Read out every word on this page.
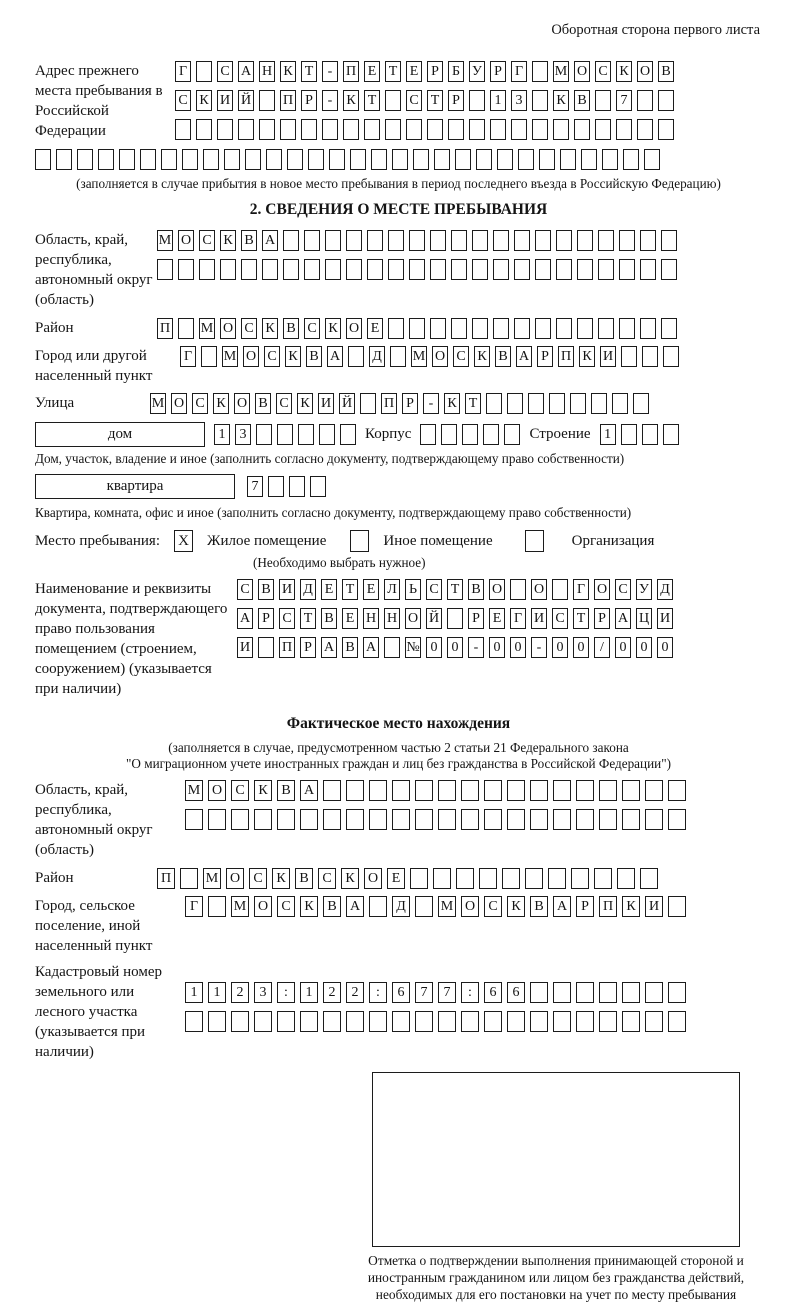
Оборотная сторона первого листа
Адрес прежнего места пребывания в Российской Федерации
Г С А Н К Т	- П Е Т Е Р Б У Р Г М О С К О В
С К И Й П Р	-	К Т С Т Р	1	3	К В	7
(заполняется в случае прибытия в новое место пребывания в период последнего въезда в Российскую Федерацию)
2. СВЕДЕНИЯ О МЕСТЕ ПРЕБЫВАНИЯ
Область, край, республика, автономный округ (область)
М О С К В А
Район	П М О С К В С К О Е
Город или другой населенный пункт
Г М О С К В А Д М О С К В А Р П К И
Улица	М О С К О В С К И Й П Р	-	К Т
дом	1	3	Корпус	Строение 1
Дом, участок, владение и иное (заполнить согласно документу, подтверждающему право собственности)
квартира	7
Квартира, комната, офис и иное (заполнить согласно документу, подтверждающему право собственности)
Место пребывания: X Жилое помещение	Иное помещение	Организация
(Необходимо выбрать нужное)
Наименование и реквизиты документа, подтверждающего право пользования помещением (строением, сооружением) (указывается при наличии)
С В И Д Е Т Е Л Ь С Т В О О Г О С У Д
А Р С Т В Е Н Н О Й Р Е Г И С Т Р А Ц И
И П Р А В А № 0	0	-	0	0	-	0	0	/	0	0	0
Фактическое место нахождения
(заполняется в случае, предусмотренном частью 2 статьи 21 Федерального закона
"О миграционном учете иностранных граждан и лиц без гражданства в Российской Федерации")
Область, край, республика, автономный округ (область)
М О С К В А
Район	П М О С К В С К О Е
Город, сельское поселение, иной населенный пункт
Г	М О С К В А	Д	М О С К В А	Р	П К И
Кадастровый номер земельного или лесного участка (указывается при наличии)
1	1	2	3	:	1	2	2	:	6	7	7	:	6	6
Отметка о подтверждении выполнения принимающей стороной и иностранным гражданином или лицом без гражданства действий, необходимых для его постановки на учет по месту пребывания
